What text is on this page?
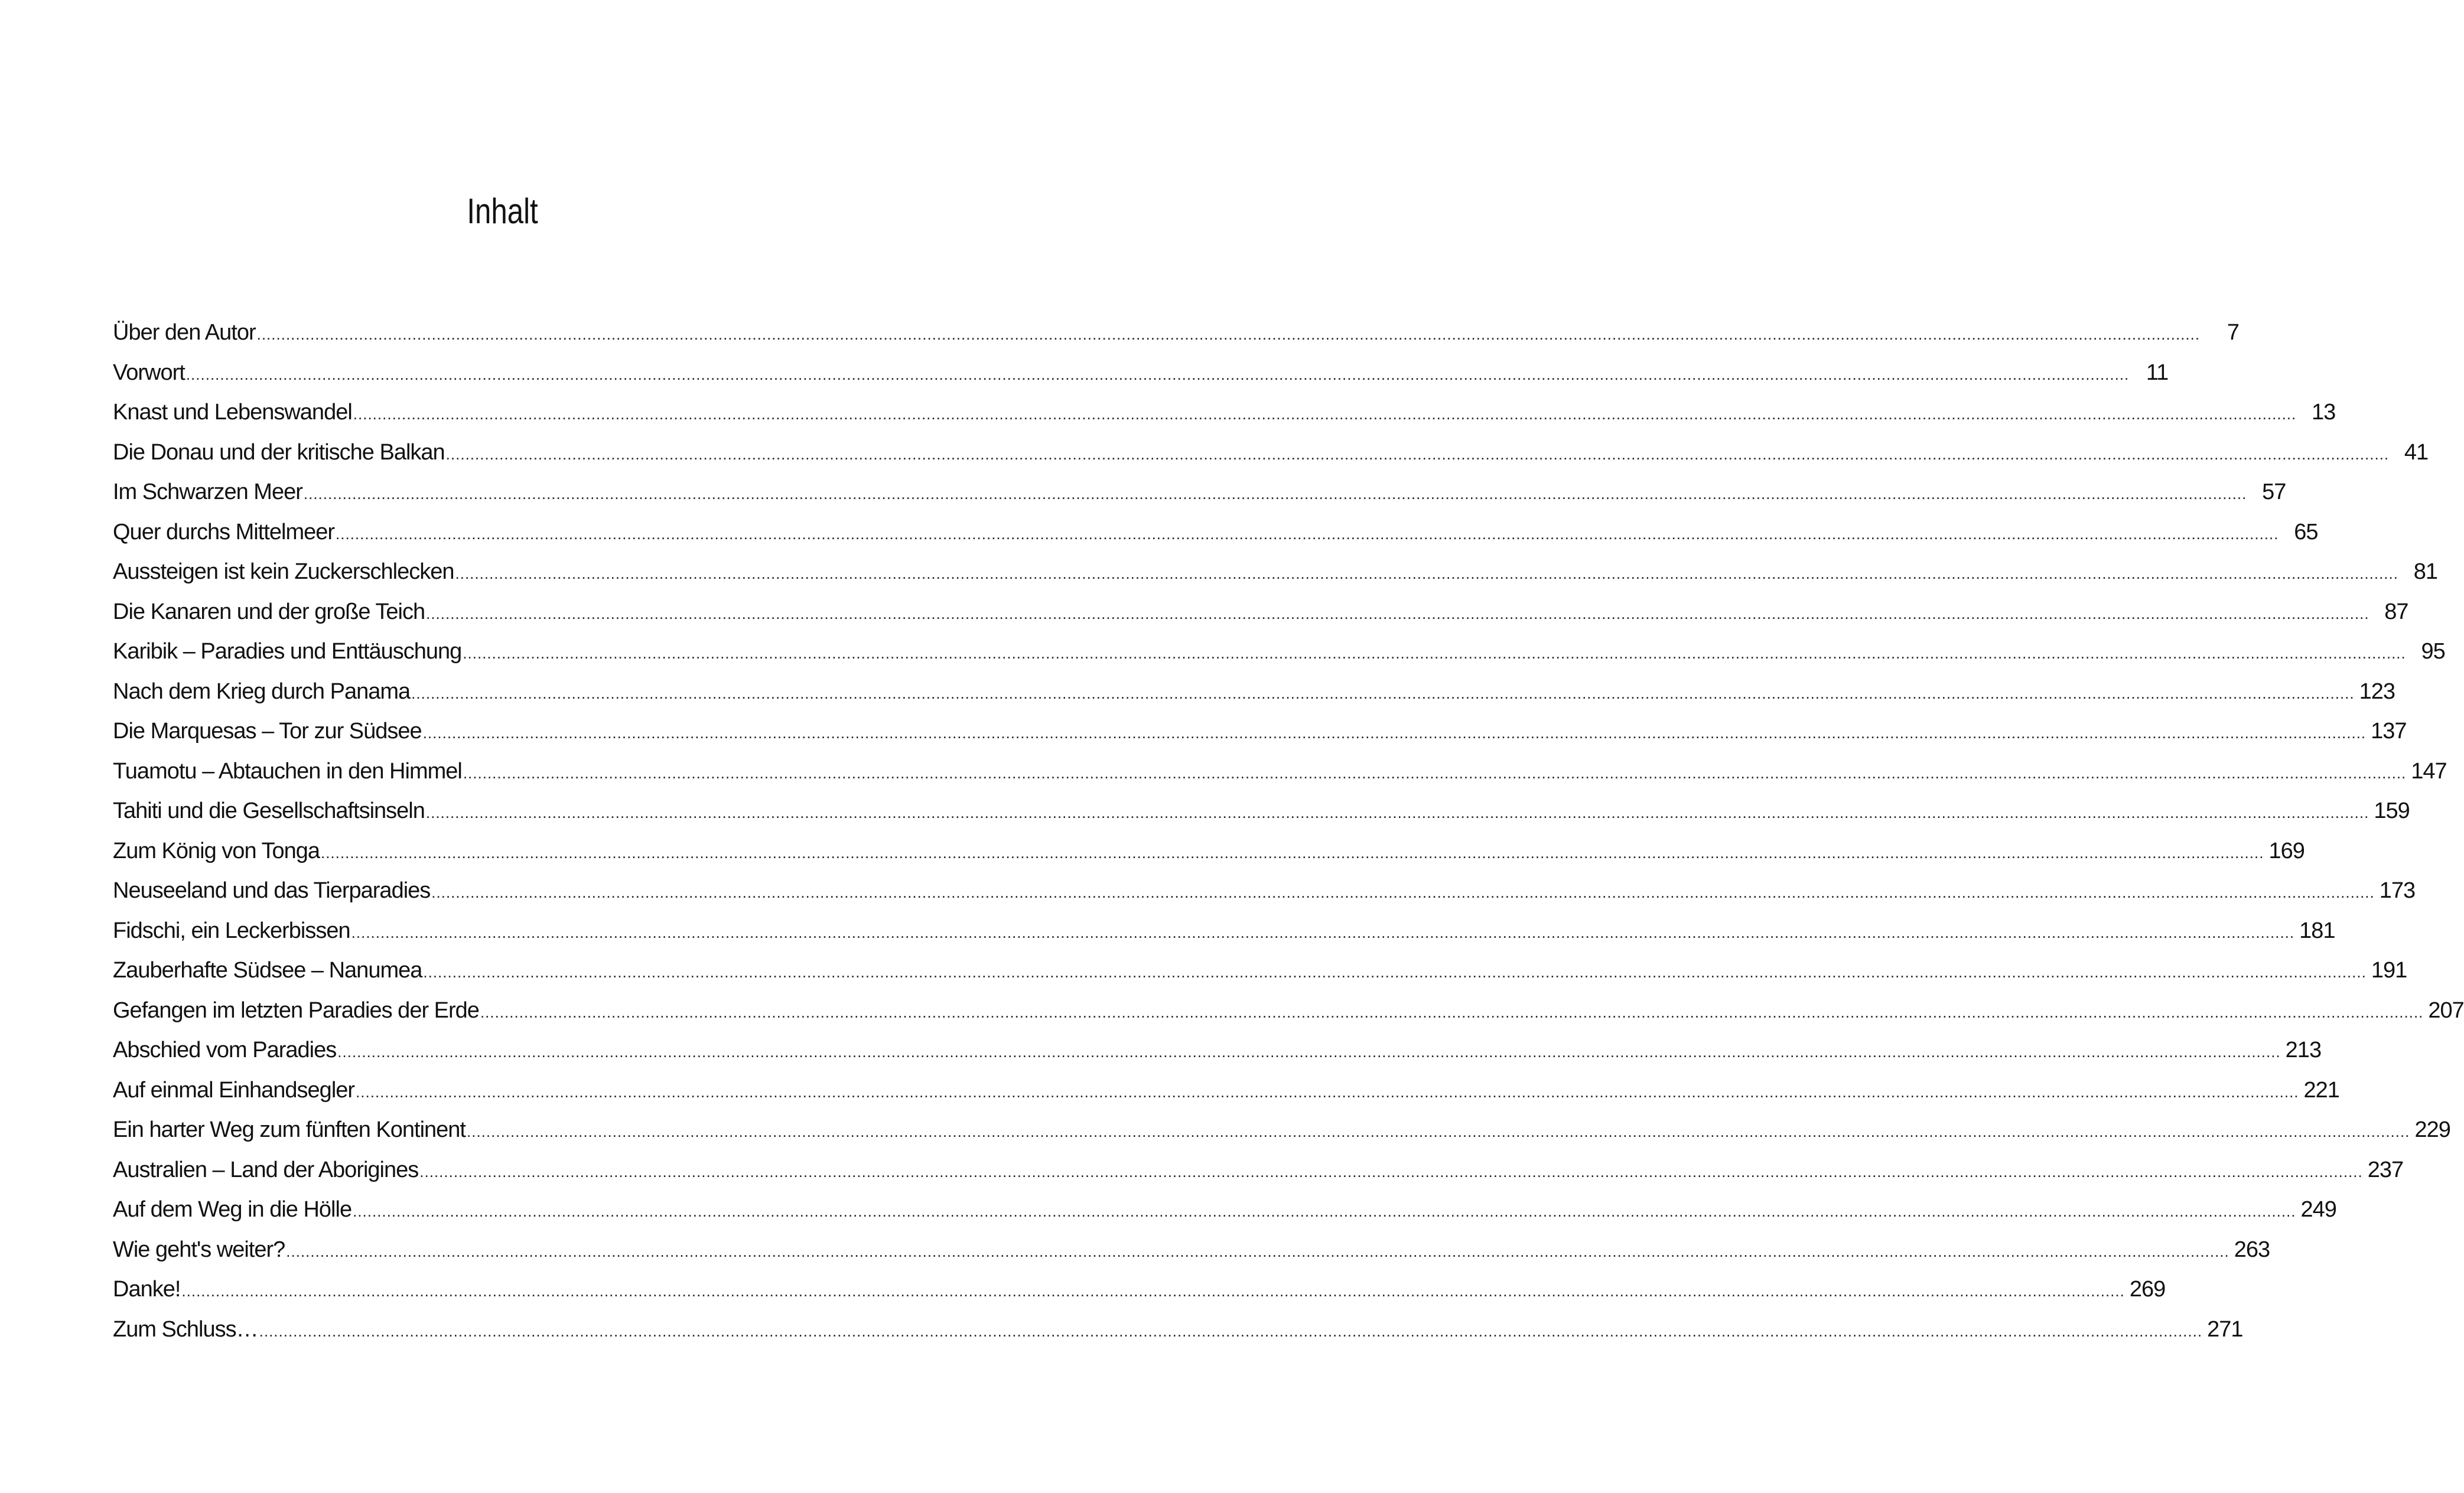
Inhalt
Über den Autor ................................................................................................................................................................................................................................................................................................................................................................................................................	7
Vorwort ................................................................................................................................................................................................................................................................................................................................................................................................................ 11
Knast und Lebenswandel ................................................................................................................................................................................................................................................................................................................................................................................................................ 13
Die Donau und der kritische Balkan ................................................................................................................................................................................................................................................................................................................................................................................................................ 41
Im Schwarzen Meer ................................................................................................................................................................................................................................................................................................................................................................................................................ 57
Quer durchs Mittelmeer ................................................................................................................................................................................................................................................................................................................................................................................................................ 65
Aussteigen ist kein Zuckerschlecken ................................................................................................................................................................................................................................................................................................................................................................................................................ 81
Die Kanaren und der große Teich ................................................................................................................................................................................................................................................................................................................................................................................................................ 87
Karibik – Paradies und Enttäuschung ................................................................................................................................................................................................................................................................................................................................................................................................................ 95
Nach dem Krieg durch Panama ................................................................................................................................................................................................................................................................................................................................................................................................................ 123
Die Marquesas – Tor zur Südsee ................................................................................................................................................................................................................................................................................................................................................................................................................ 137
Tuamotu – Abtauchen in den Himmel ................................................................................................................................................................................................................................................................................................................................................................................................................ 147
Tahiti und die Gesellschaftsinseln ................................................................................................................................................................................................................................................................................................................................................................................................................ 159
Zum König von Tonga ................................................................................................................................................................................................................................................................................................................................................................................................................ 169
Neuseeland und das Tierparadies ................................................................................................................................................................................................................................................................................................................................................................................................................ 173
Fidschi, ein Leckerbissen ................................................................................................................................................................................................................................................................................................................................................................................................................ 181
Zauberhafte Südsee – Nanumea ................................................................................................................................................................................................................................................................................................................................................................................................................ 191
Gefangen im letzten Paradies der Erde ................................................................................................................................................................................................................................................................................................................................................................................................................ 207
Abschied vom Paradies ................................................................................................................................................................................................................................................................................................................................................................................................................ 213
Auf einmal Einhandsegler ................................................................................................................................................................................................................................................................................................................................................................................................................ 221
Ein harter Weg zum fünften Kontinent ................................................................................................................................................................................................................................................................................................................................................................................................................ 229
Australien – Land der Aborigines ................................................................................................................................................................................................................................................................................................................................................................................................................ 237
Auf dem Weg in die Hölle ................................................................................................................................................................................................................................................................................................................................................................................................................ 249
Wie geht's weiter? ................................................................................................................................................................................................................................................................................................................................................................................................................ 263
Danke! ................................................................................................................................................................................................................................................................................................................................................................................................................ 269
Zum Schluss… ................................................................................................................................................................................................................................................................................................................................................................................................................ 271
